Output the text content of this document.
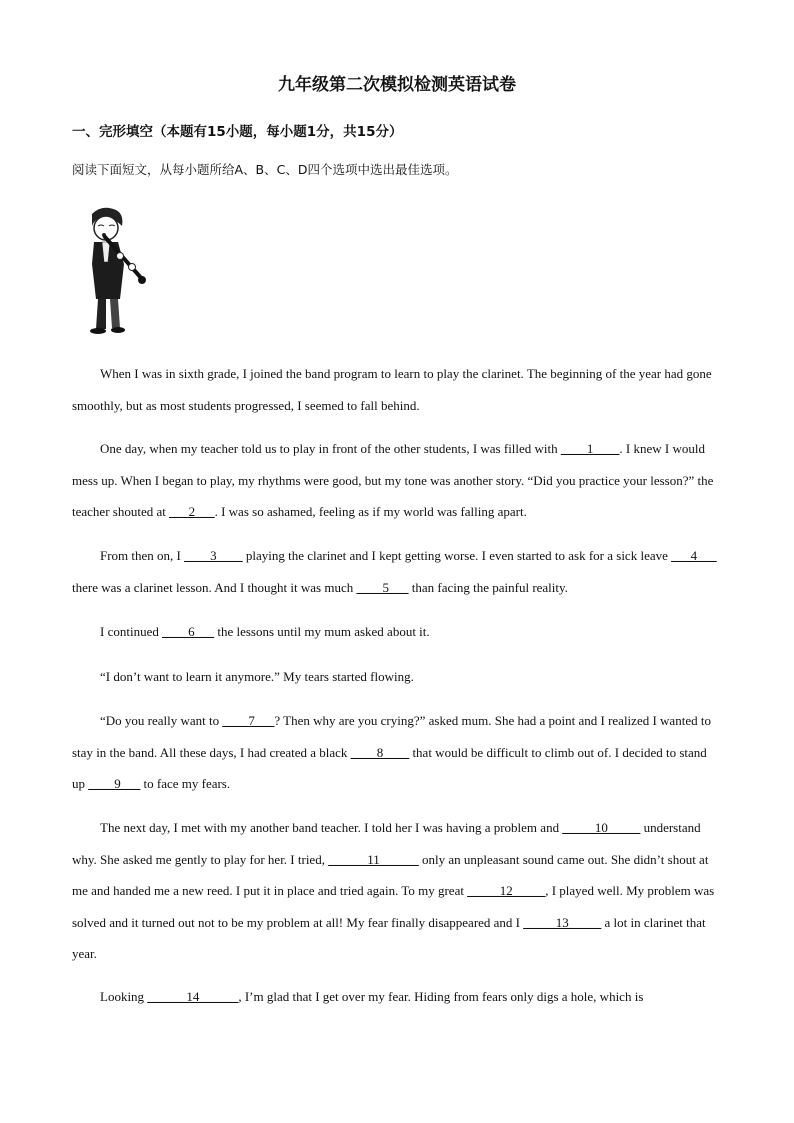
九年级第二次模拟检测英语试卷
一、完形填空（本题有15小题，每小题1分，共15分）
阅读下面短文，从每小题所给A、B、C、D四个选项中选出最佳选项。

When I was in sixth grade, I joined the band program to learn to play the clarinet. The beginning of the year had gone smoothly, but as most students progressed, I seemed to fall behind.

One day, when my teacher told us to play in front of the other students, I was filled with ____1____. I knew I would mess up. When I began to play, my rhythms were good, but my tone was another story. “Did you practice your lesson?” the teacher shouted at ___2___. I was so ashamed, feeling as if my world was falling apart.

From then on, I ____3____ playing the clarinet and I kept getting worse. I even started to ask for a sick leave ___4___ there was a clarinet lesson. And I thought it was much ____5___ than facing the painful reality.

I continued ____6___ the lessons until my mum asked about it.

“I don’t want to learn it anymore.” My tears started flowing.

“Do you really want to ____7___? Then why are you crying?” asked mum. She had a point and I realized I wanted to stay in the band. All these days, I had created a black ____8____ that would be difficult to climb out of. I decided to stand up ____9___ to face my fears.

The next day, I met with my another band teacher. I told her I was having a problem and _____10_____ understand why. She asked me gently to play for her. I tried, ______11______ only an unpleasant sound came out. She didn’t shout at me and handed me a new reed. I put it in place and tried again. To my great _____12_____, I played well. My problem was solved and it turned out not to be my problem at all! My fear finally disappeared and I _____13_____ a lot in clarinet that year.

Looking ______14______, I’m glad that I get over my fear. Hiding from fears only digs a hole, which is
